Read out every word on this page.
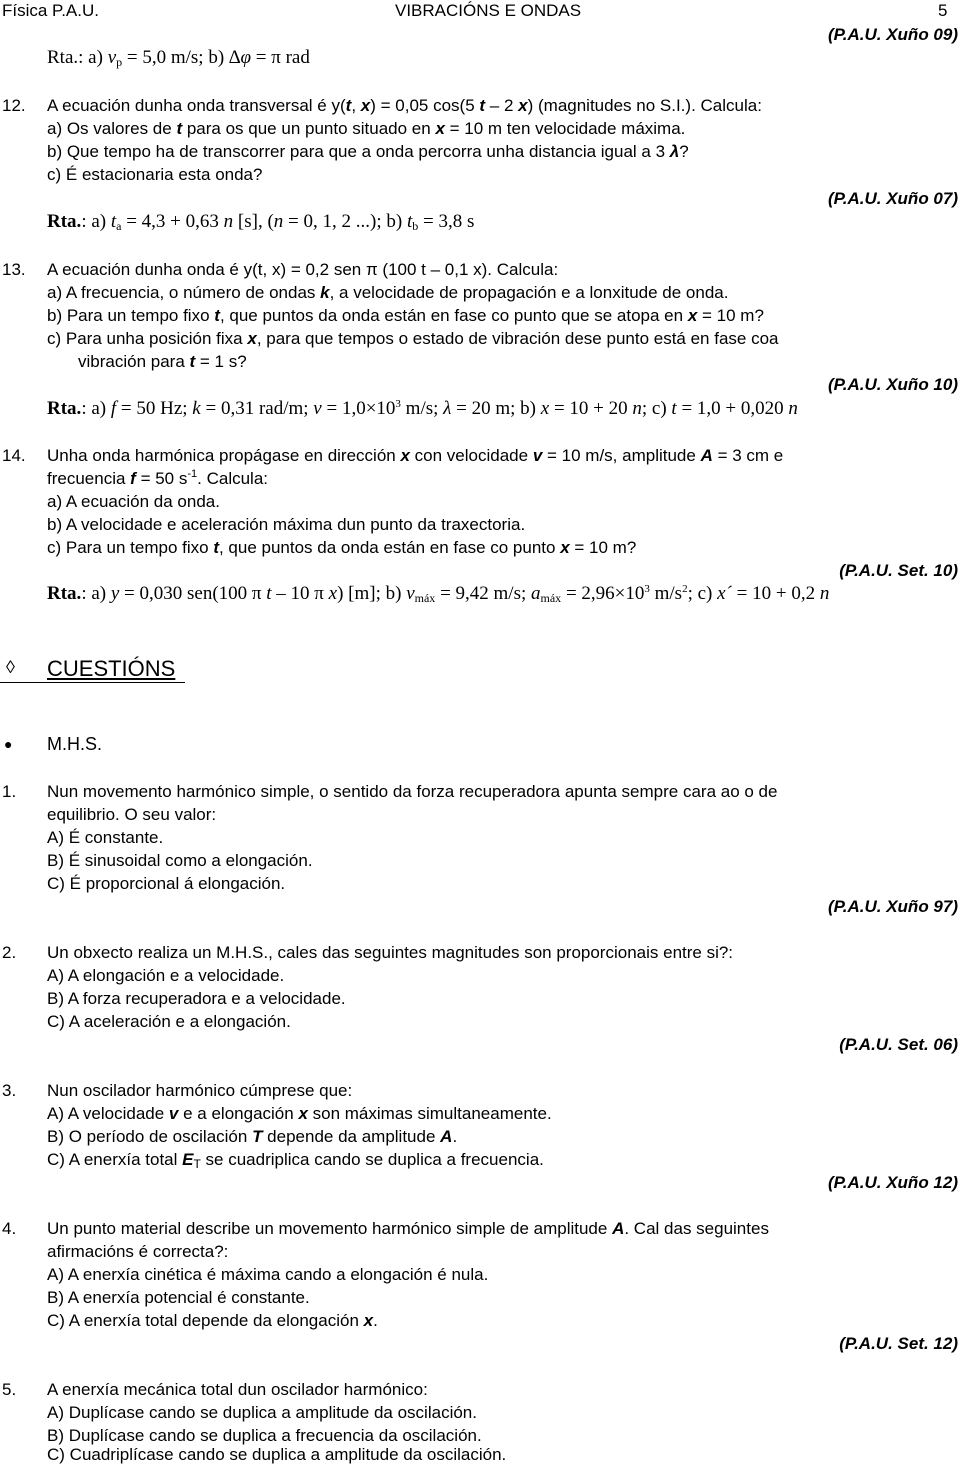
Física P.A.U.	VIBRACIÓNS E ONDAS	5
(P.A.U. Xuño 09)
Rta.: a) $v_p = 5,0$ m/s; b) ∆φ = π rad
12. A ecuación dunha onda transversal é y(t, x) = 0,05 cos(5 t – 2 x) (magnitudes no S.I.). Calcula:
a) Os valores de t para os que un punto situado en x = 10 m ten velocidade máxima.
b) Que tempo ha de transcorrer para que a onda percorra unha distancia igual a 3 λ?
c) É estacionaria esta onda?
(P.A.U. Xuño 07)
Rta.: a) $t_a = 4,3 + 0,63$ n [s], (n = 0, 1, 2 ...); b) $t_b = 3,8$ s
13. A ecuación dunha onda é y(t, x) = 0,2 sen π (100 t – 0,1 x). Calcula:
a) A frecuencia, o número de ondas k, a velocidade de propagación e a lonxitude de onda.
b) Para un tempo fixo t, que puntos da onda están en fase co punto que se atopa en x = 10 m?
c) Para unha posición fixa x, para que tempos o estado de vibración dese punto está en fase coa
vibración para t = 1 s?
(P.A.U. Xuño 10)
Rta.: a) f = 50 Hz; k = 0,31 rad/m; $v = 1,0\times 10^3$ m/s; λ = 20 m; b) x = 10 + 20 n; c) t = 1,0 + 0,020 n
14. Unha onda harmónica propágase en dirección x con velocidade v = 10 m/s, amplitude A = 3 cm e
frecuencia f = 50 $s^{-1}$. Calcula:
a) A ecuación da onda.
b) A velocidade e aceleración máxima dun punto da traxectoria.
c) Para un tempo fixo t, que puntos da onda están en fase co punto x = 10 m?
(P.A.U. Set. 10)
Rta.: a) y = 0,030 sen(100 π t – 10 π x) [m]; b) $v_{máx} = 9,42$ m/s; $a_{máx} = 2,96\times 10^3$ $m/s^2$; c) x´ = 10 + 0,2 n
◊ CUESTIÓNS
● M.H.S.
1. Nun movemento harmónico simple, o sentido da forza recuperadora apunta sempre cara ao o de
equilibrio. O seu valor:
A) É constante.
B) É sinusoidal como a elongación.
C) É proporcional á elongación.
(P.A.U. Xuño 97)
2. Un obxecto realiza un M.H.S., cales das seguintes magnitudes son proporcionais entre si?:
A) A elongación e a velocidade.
B) A forza recuperadora e a velocidade.
C) A aceleración e a elongación.
(P.A.U. Set. 06)
3. Nun oscilador harmónico cúmprese que:
A) A velocidade v e a elongación x son máximas simultaneamente.
B) O período de oscilación T depende da amplitude A.
C) A enerxía total $E_T$ se cuadriplica cando se duplica a frecuencia.
(P.A.U. Xuño 12)
4. Un punto material describe un movemento harmónico simple de amplitude A. Cal das seguintes
afirmacións é correcta?:
A) A enerxía cinética é máxima cando a elongación é nula.
B) A enerxía potencial é constante.
C) A enerxía total depende da elongación x.
(P.A.U. Set. 12)
5. A enerxía mecánica total dun oscilador harmónico:
A) Duplícase cando se duplica a amplitude da oscilación.
B) Duplícase cando se duplica a frecuencia da oscilación.
C) Cuadriplícase cando se duplica a amplitude da oscilación.
